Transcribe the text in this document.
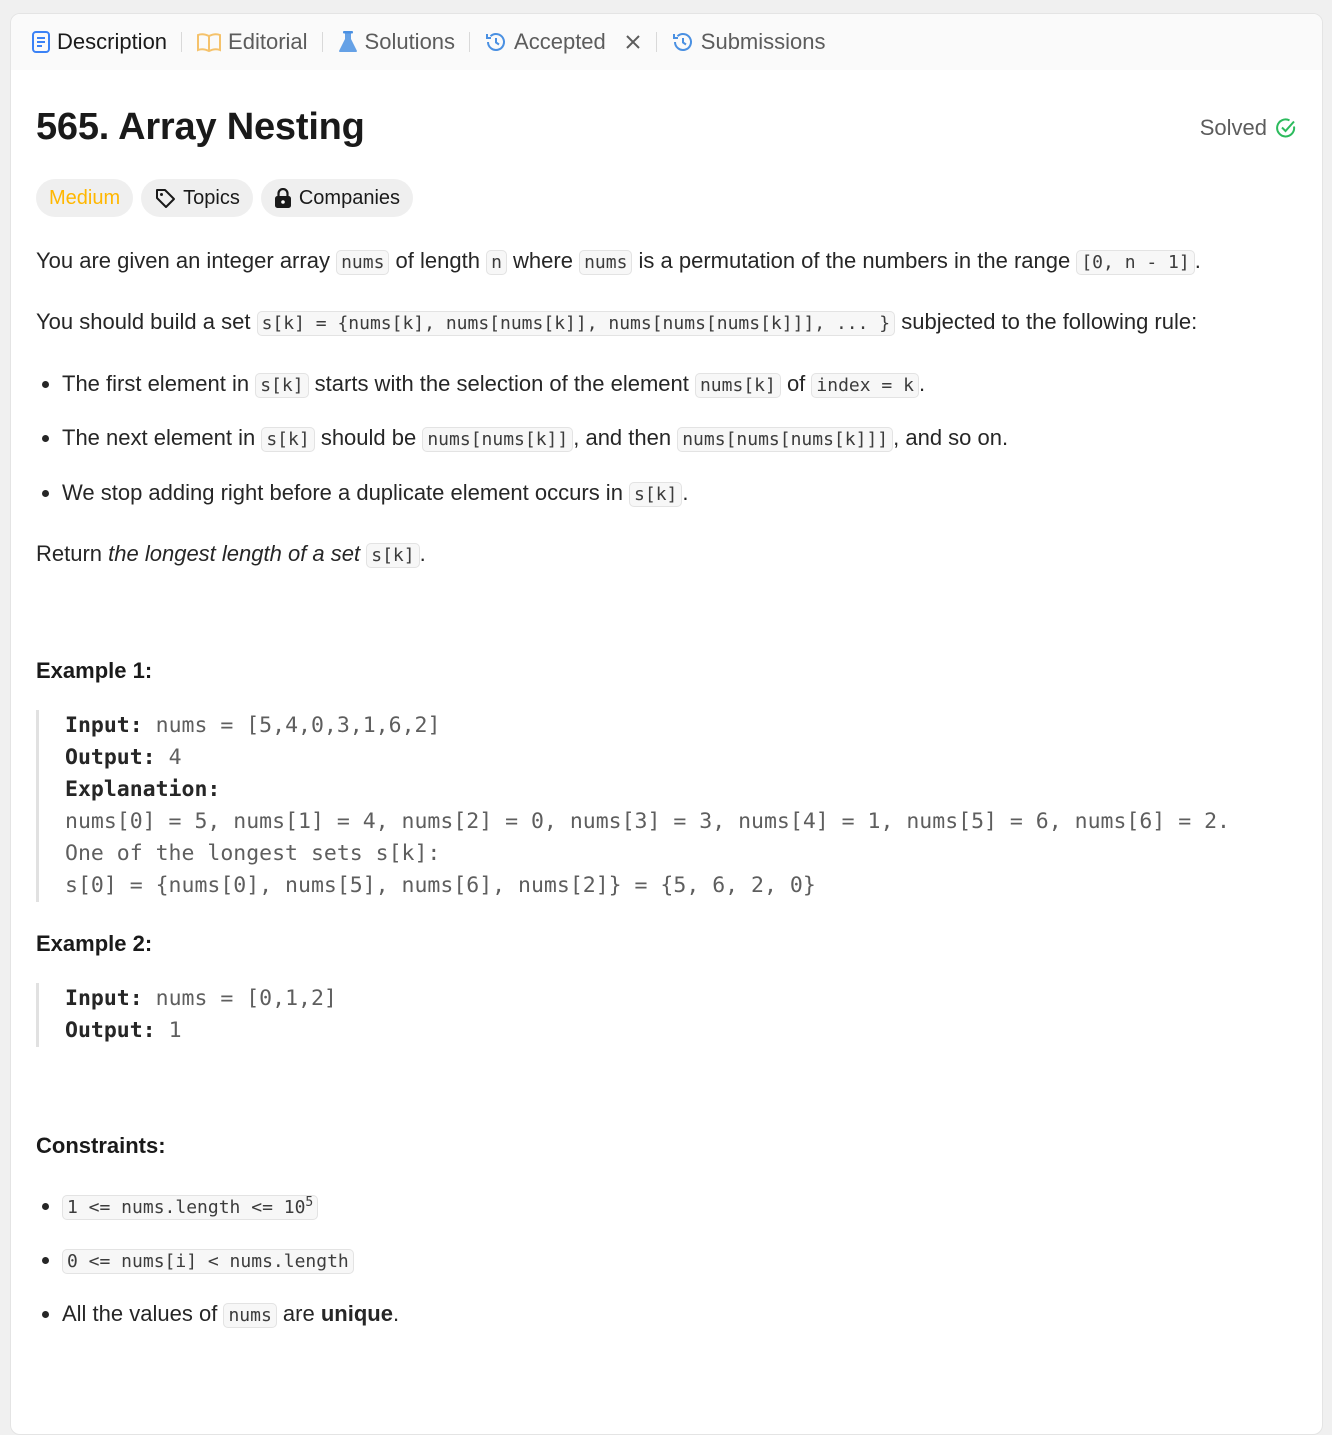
Description	Editorial	Solutions	Accepted	Submissions
565. Array Nesting	Solved
Medium	Topics	Companies

You are given an integer array nums of length n where nums is a permutation of the numbers in the range [0, n - 1] .

You should build a set s[k] = {nums[k], nums[nums[k]], nums[nums[nums[k]]], ... } subjected to the following rule:

• The first element in s[k] starts with the selection of the element nums[k] of index = k .
• The next element in s[k] should be nums[nums[k]] , and then nums[nums[nums[k]]] , and so on.
• We stop adding right before a duplicate element occurs in s[k] .

Return the longest length of a set s[k] .

Example 1:

Input: nums = [5,4,0,3,1,6,2]
Output: 4
Explanation:
nums[0] = 5, nums[1] = 4, nums[2] = 0, nums[3] = 3, nums[4] = 1, nums[5] = 6, nums[6] = 2.
One of the longest sets s[k]:
s[0] = {nums[0], nums[5], nums[6], nums[2]} = {5, 6, 2, 0}

Example 2:

Input: nums = [0,1,2]
Output: 1

Constraints:

• 1 <= nums.length <= $10^5$
• 0 <= nums[i] < nums.length
• All the values of nums are unique.
